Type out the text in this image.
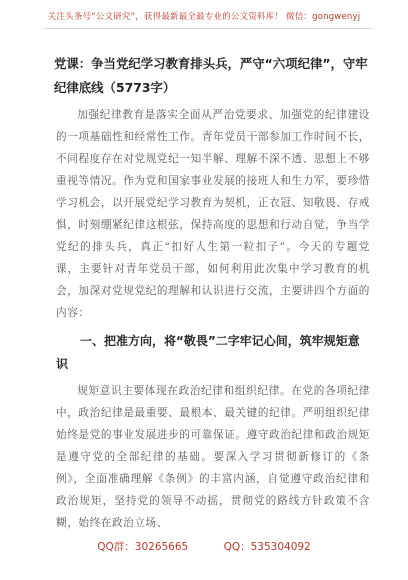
关注头条号“公文研究”，获得最新最全最专业的公文资料库！ 微信：gongwenyj
党课：争当党纪学习教育排头兵，严守“六项纪律”，守牢纪律底线（5773字）

加强纪律教育是落实全面从严治党要求、加强党的纪律建设的一项基础性和经常性工作。青年党员干部参加工作时间不长，不同程度存在对党规党纪一知半解、理解不深不透、思想上不够重视等情况。作为党和国家事业发展的接班人和生力军，要珍惜学习机会，以开展党纪学习教育为契机，正衣冠、知敬畏、存戒惧，时刻绷紧纪律这根弦，保持高度的思想和行动自觉，争当学党纪的排头兵，真正“扣好人生第一粒扣子”。今天的专题党课，主要针对青年党员干部，如何利用此次集中学习教育的机会，加深对党规党纪的理解和认识进行交流，主要讲四个方面的内容：

一、把准方向，将“敬畏”二字牢记心间，筑牢规矩意识

规矩意识主要体现在政治纪律和组织纪律。在党的各项纪律中，政治纪律是最重要、最根本、最关键的纪律。严明组织纪律始终是党的事业发展进步的可靠保证。遵守政治纪律和政治规矩是遵守党的全部纪律的基础。要深入学习贯彻新修订的《条例》，全面准确理解《条例》的丰富内涵，自觉遵守政治纪律和政治规矩，坚持党的领导不动摇，贯彻党的路线方针政策不含糊，始终在政治立场、

QQ群：30265665	QQ：535304092
